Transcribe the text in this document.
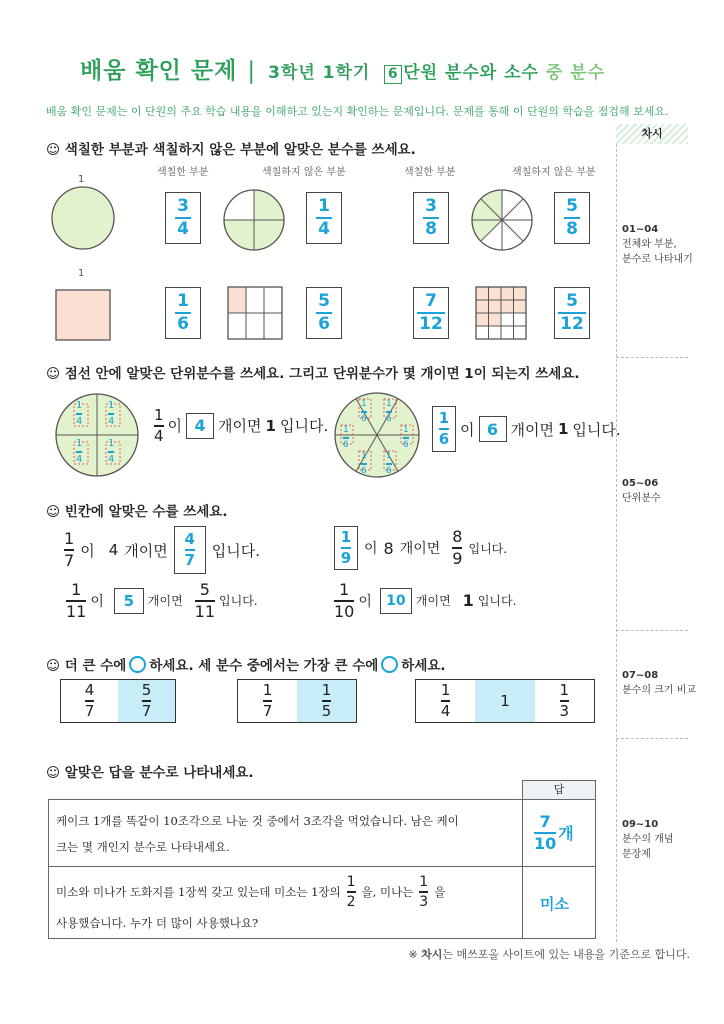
배움 확인 문제 | 3학년 1학기 6 단원 분수와 소수 중 분수
배움 확인 문제는 이 단원의 주요 학습 내용을 이해하고 있는지 확인하는 문제입니다. 문제를 통해 이 단원의 학습을 점검해 보세요.
차시
01~04
전체와 부분,
분수로 나타내기
05~06
단위분수
07~08
분수의 크기 비교
09~10
분수의 개념
문장제
☺ 색칠한 부분과 색칠하지 않은 부분에 알맞은 분수를 쓰세요.
1
색칠한 부분	색칠하지 않은 부분	색칠한 부분	색칠하지 않은 부분
1
$\frac{3}{4}$	$\frac{1}{4}$	$\frac{3}{8}$	$\frac{5}{8}$
$\frac{1}{6}$	$\frac{5}{6}$	$\frac{7}{12}$	$\frac{5}{12}$
☺ 점선 안에 알맞은 단위분수를 쓰세요. 그리고 단위분수가 몇 개이면 1이 되는지 쓰세요.
1
4
1
4
1
4
1
4
$\frac{1}{4}$ 이 4 개이면 1 입니다.
1
6
1
6
1
6
1
6
1
6
1
6
$\frac{1}{6}$ 이 6 개이면 1 입니다.
☺ 빈칸에 알맞은 수를 쓰세요.
$\frac{1}{7}$ 이 4 개이면 $\frac{4}{7}$ 입니다.	$\frac{1}{9}$ 이 8 개이면 $\frac{8}{9}$ 입니다.
$\frac{1}{11}$ 이	5	개이면 $\frac{5}{11}$ 입니다.	$\frac{1}{10}$ 이	10 개이면 1 입니다.
☺ 더 큰 수에 ○ 하세요. 세 분수 중에서는 가장 큰 수에 ○ 하세요.
$\frac{4}{7}$	$\frac{5}{7}$	$\frac{1}{7}$	$\frac{1}{5}$	$\frac{1}{4}$	1	$\frac{1}{3}$
☺ 알맞은 답을 분수로 나타내세요.
답
케이크 1개를 똑같이 10조각으로 나눈 것 중에서 3조각을 먹었습니다. 남은 케이
크는 몇 개인지 분수로 나타내세요.	$\frac{7}{10}$ 개
미소와 미나가 도화지를 1장씩 갖고 있는데 미소는 1장의 $\frac{1}{2}$ 을, 미나는 $\frac{1}{3}$ 을
사용했습니다. 누가 더 많이 사용했나요?
미소
※ 차시는 매쓰포올 사이트에 있는 내용을 기준으로 합니다.
